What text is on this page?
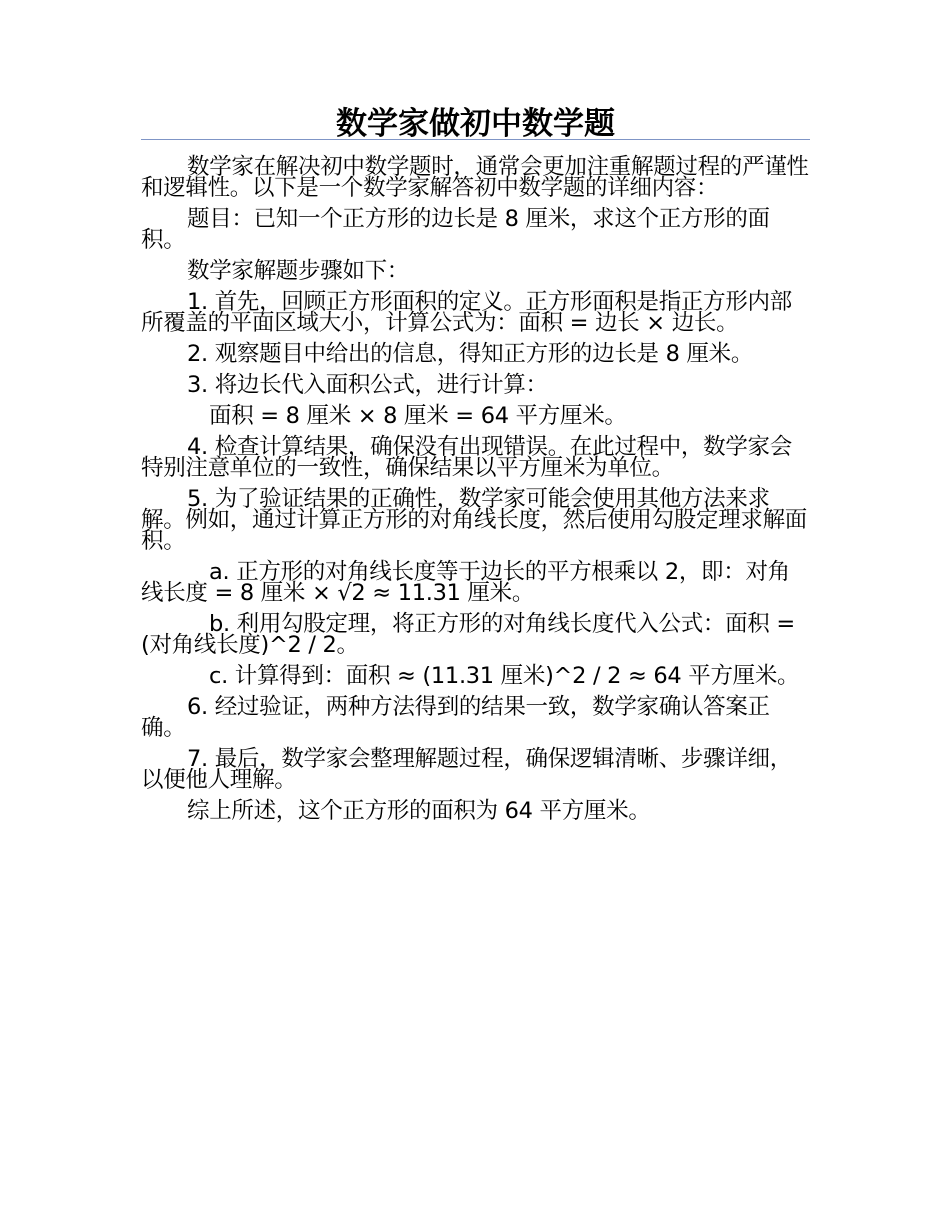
数学家做初中数学题

数学家在解决初中数学题时，通常会更加注重解题过程的严谨性和逻辑性。以下是一个数学家解答初中数学题的详细内容：

题目：已知一个正方形的边长是 8 厘米，求这个正方形的面积。

数学家解题步骤如下：

1. 首先，回顾正方形面积的定义。正方形面积是指正方形内部所覆盖的平面区域大小，计算公式为：面积 = 边长 × 边长。

2. 观察题目中给出的信息，得知正方形的边长是 8 厘米。

3. 将边长代入面积公式，进行计算：

面积 = 8 厘米 × 8 厘米 = 64 平方厘米。

4. 检查计算结果，确保没有出现错误。在此过程中，数学家会特别注意单位的一致性，确保结果以平方厘米为单位。

5. 为了验证结果的正确性，数学家可能会使用其他方法来求解。例如，通过计算正方形的对角线长度，然后使用勾股定理求解面积。

a. 正方形的对角线长度等于边长的平方根乘以 2，即：对角线长度 = 8 厘米 × √2 ≈ 11.31 厘米。

b. 利用勾股定理，将正方形的对角线长度代入公式：面积 = (对角线长度)^2 / 2。

c. 计算得到：面积 ≈ (11.31 厘米)^2 / 2 ≈ 64 平方厘米。

6. 经过验证，两种方法得到的结果一致，数学家确认答案正确。

7. 最后，数学家会整理解题过程，确保逻辑清晰、步骤详细，以便他人理解。

综上所述，这个正方形的面积为 64 平方厘米。
